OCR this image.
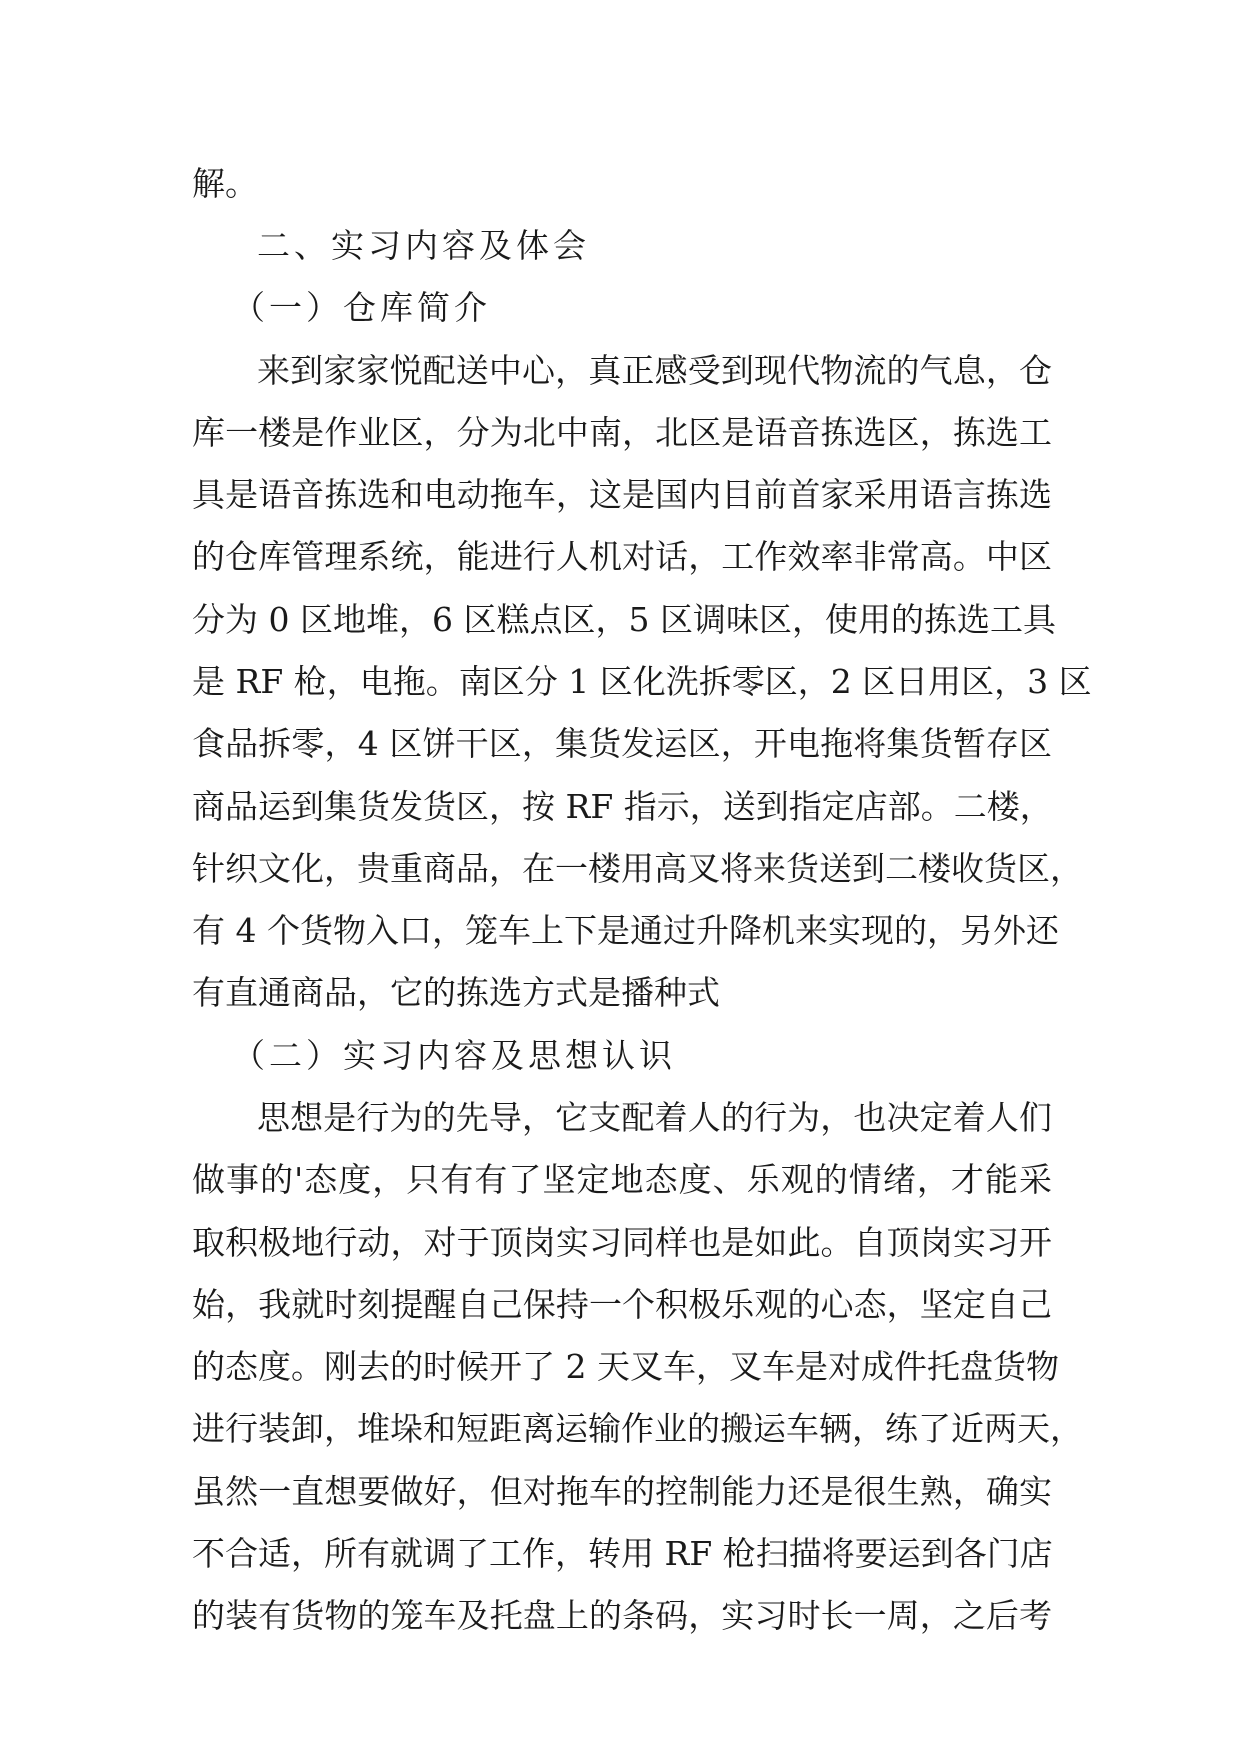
解。
二、实习内容及体会
（一）仓库简介
来到家家悦配送中心，真正感受到现代物流的气息，仓
库一楼是作业区，分为北中南，北区是语音拣选区，拣选工
具是语音拣选和电动拖车，这是国内目前首家采用语言拣选
的仓库管理系统，能进行人机对话，工作效率非常高。中区
分为 0 区地堆，6 区糕点区，5 区调味区，使用的拣选工具
是 RF 枪，电拖。南区分 1 区化洗拆零区，2 区日用区，3 区
食品拆零，4 区饼干区，集货发运区，开电拖将集货暂存区
商品运到集货发货区，按 RF 指示，送到指定店部。二楼，
针织文化，贵重商品，在一楼用高叉将来货送到二楼收货区，
有 4 个货物入口，笼车上下是通过升降机来实现的，另外还
有直通商品，它的拣选方式是播种式
（二）实习内容及思想认识
思想是行为的先导，它支配着人的行为，也决定着人们
做事的'态度，只有有了坚定地态度、乐观的情绪，才能采
取积极地行动，对于顶岗实习同样也是如此。自顶岗实习开
始，我就时刻提醒自己保持一个积极乐观的心态，坚定自己
的态度。刚去的时候开了 2 天叉车，叉车是对成件托盘货物
进行装卸，堆垛和短距离运输作业的搬运车辆，练了近两天，
虽然一直想要做好，但对拖车的控制能力还是很生熟，确实
不合适，所有就调了工作，转用 RF 枪扫描将要运到各门店
的装有货物的笼车及托盘上的条码，实习时长一周，之后考
